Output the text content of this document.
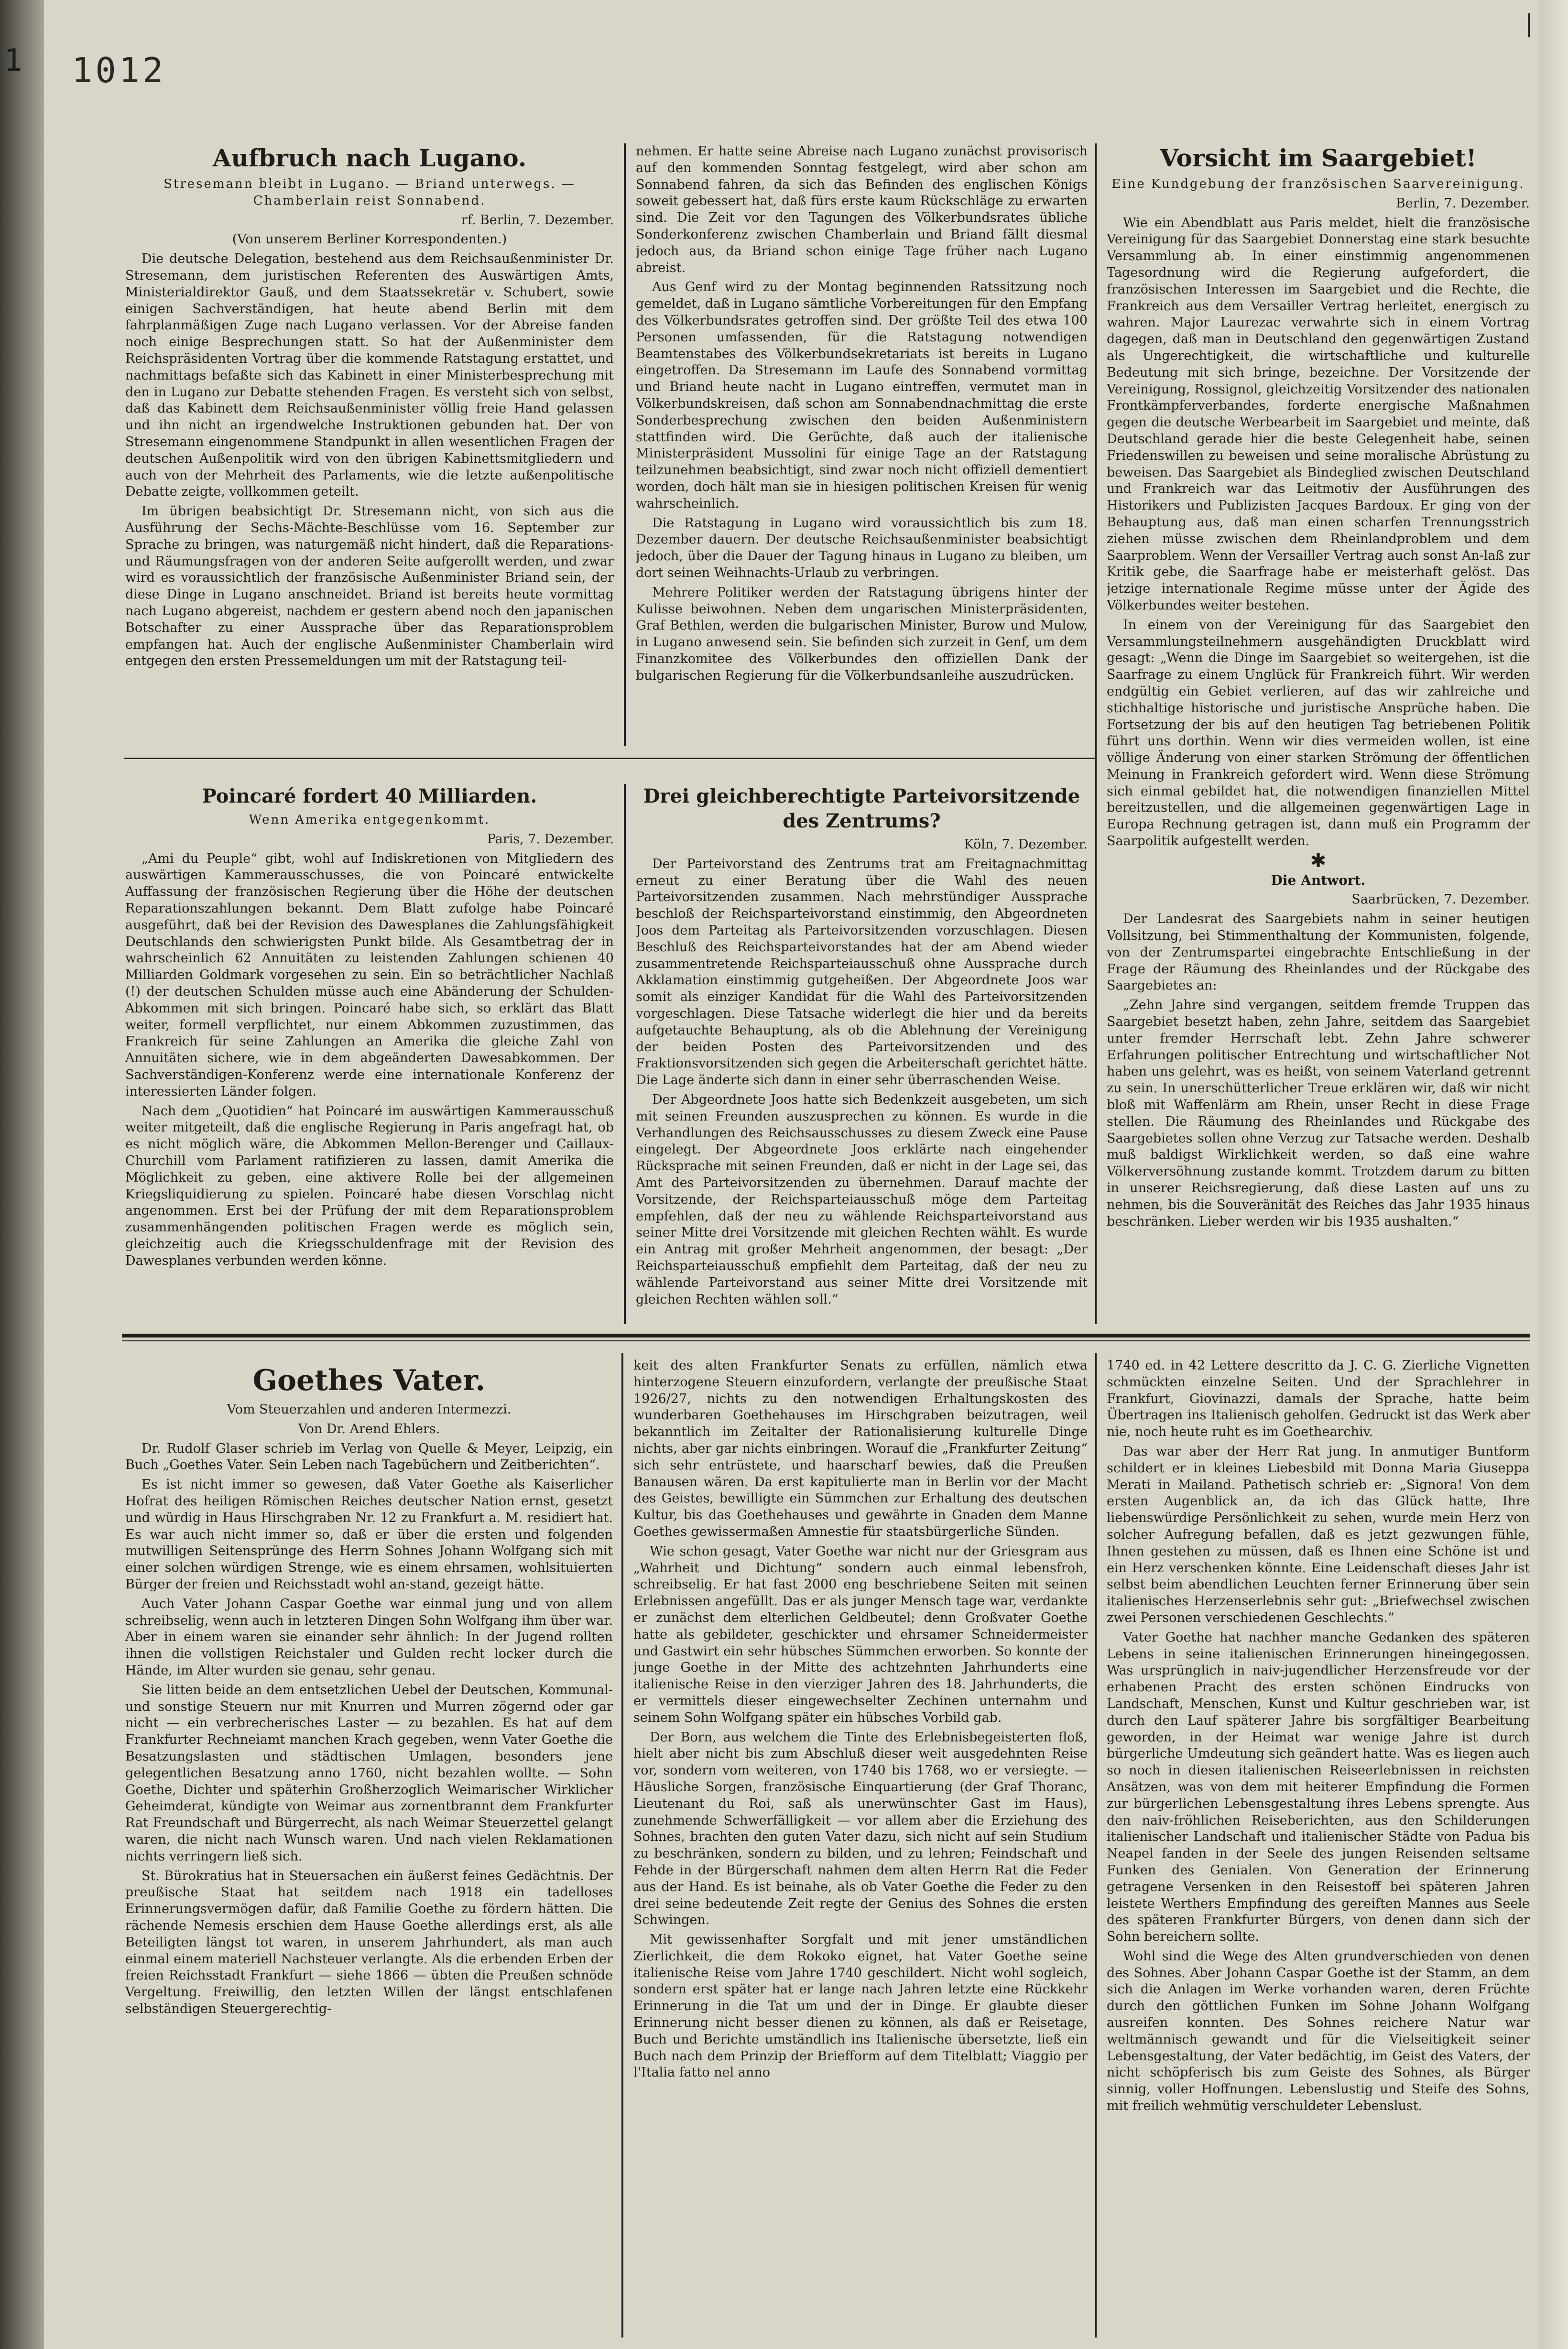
1 1012
|

Aufbruch nach Lugano.

Stresemann bleibt in Lugano. — Briand unterwegs. — Chamberlain reist Sonnabend.

rf. Berlin, 7. Dezember.

(Von unserem Berliner Korrespondenten.)

Die deutsche Delegation, bestehend aus dem Reichsaußenminister Dr. Stresemann, dem juristischen Referenten des Auswärtigen Amts, Ministerialdirektor Gauß, und dem Staatssekretär v. Schubert, sowie einigen Sachverständigen, hat heute abend Berlin mit dem fahrplanmäßigen Zuge nach Lugano verlassen. Vor der Abreise fanden noch einige Besprechungen statt. So hat der Außenminister dem Reichspräsidenten Vortrag über die kommende Ratstagung erstattet, und nachmittags befaßte sich das Kabinett in einer Ministerbesprechung mit den in Lugano zur Debatte stehenden Fragen. Es versteht sich von selbst, daß das Kabinett dem Reichsaußenminister völlig freie Hand gelassen und ihn nicht an irgendwelche Instruktionen gebunden hat. Der von Stresemann eingenommene Standpunkt in allen wesentlichen Fragen der deutschen Außenpolitik wird von den übrigen Kabinettsmitgliedern und auch von der Mehrheit des Parlaments, wie die letzte außenpolitische Debatte zeigte, vollkommen geteilt.

Im übrigen beabsichtigt Dr. Stresemann nicht, von sich aus die Ausführung der Sechs-Mächte-Beschlüsse vom 16. September zur Sprache zu bringen, was naturgemäß nicht hindert, daß die Reparations- und Räumungsfragen von der anderen Seite aufgerollt werden, und zwar wird es voraussichtlich der französische Außenminister Briand sein, der diese Dinge in Lugano anschneidet. Briand ist bereits heute vormittag nach Lugano abgereist, nachdem er gestern abend noch den japanischen Botschafter zu einer Aussprache über das Reparationsproblem empfangen hat. Auch der englische Außenminister Chamberlain wird entgegen den ersten Pressemeldungen um mit der Ratstagung teil-

nehmen. Er hatte seine Abreise nach Lugano zunächst provisorisch auf den kommenden Sonntag festgelegt, wird aber schon am Sonnabend fahren, da sich das Befinden des englischen Königs soweit gebessert hat, daß fürs erste kaum Rückschläge zu erwarten sind. Die Zeit vor den Tagungen des Völkerbundsrates übliche Sonderkonferenz zwischen Chamberlain und Briand fällt diesmal jedoch aus, da Briand schon einige Tage früher nach Lugano abreist.

Aus Genf wird zu der Montag beginnenden Ratssitzung noch gemeldet, daß in Lugano sämtliche Vorbereitungen für den Empfang des Völkerbundsrates getroffen sind. Der größte Teil des etwa 100 Personen umfassenden, für die Ratstagung notwendigen Beamtenstabes des Völkerbundsekretariats ist bereits in Lugano eingetroffen. Da Stresemann im Laufe des Sonnabend vormittag und Briand heute nacht in Lugano eintreffen, vermutet man in Völkerbundskreisen, daß schon am Sonnabendnachmittag die erste Sonderbesprechung zwischen den beiden Außenministern stattfinden wird. Die Gerüchte, daß auch der italienische Ministerpräsident Mussolini für einige Tage an der Ratstagung teilzunehmen beabsichtigt, sind zwar noch nicht offiziell dementiert worden, doch hält man sie in hiesigen politischen Kreisen für wenig wahrscheinlich.

Die Ratstagung in Lugano wird voraussichtlich bis zum 18. Dezember dauern. Der deutsche Reichsaußenminister beabsichtigt jedoch, über die Dauer der Tagung hinaus in Lugano zu bleiben, um dort seinen Weihnachts-Urlaub zu verbringen.

Mehrere Politiker werden der Ratstagung übrigens hinter der Kulisse beiwohnen. Neben dem ungarischen Ministerpräsidenten, Graf Bethlen, werden die bulgarischen Minister, Burow und Mulow, in Lugano anwesend sein. Sie befinden sich zurzeit in Genf, um dem Finanzkomitee des Völkerbundes den offiziellen Dank der bulgarischen Regierung für die Völkerbundsanleihe auszudrücken.

Poincaré fordert 40 Milliarden.

Wenn Amerika entgegenkommt.

Paris, 7. Dezember.

„Ami du Peuple“ gibt, wohl auf Indiskretionen von Mitgliedern des auswärtigen Kammerausschusses, die von Poincaré entwickelte Auffassung der französischen Regierung über die Höhe der deutschen Reparationszahlungen bekannt. Dem Blatt zufolge habe Poincaré ausgeführt, daß bei der Revision des Dawesplanes die Zahlungsfähigkeit Deutschlands den schwierigsten Punkt bilde. Als Gesamtbetrag der in wahrscheinlich 62 Annuitäten zu leistenden Zahlungen schienen 40 Milliarden Goldmark vorgesehen zu sein. Ein so beträchtlicher Nachlaß (!) der deutschen Schulden müsse auch eine Abänderung der Schulden-Abkommen mit sich bringen. Poincaré habe sich, so erklärt das Blatt weiter, formell verpflichtet, nur einem Abkommen zuzustimmen, das Frankreich für seine Zahlungen an Amerika die gleiche Zahl von Annuitäten sichere, wie in dem abgeänderten Dawesabkommen. Der Sachverständigen-Konferenz werde eine internationale Konferenz der interessierten Länder folgen.

Nach dem „Quotidien“ hat Poincaré im auswärtigen Kammerausschuß weiter mitgeteilt, daß die englische Regierung in Paris angefragt hat, ob es nicht möglich wäre, die Abkommen Mellon-Berenger und Caillaux-Churchill vom Parlament ratifizieren zu lassen, damit Amerika die Möglichkeit zu geben, eine aktivere Rolle bei der allgemeinen Kriegsliquidierung zu spielen. Poincaré habe diesen Vorschlag nicht angenommen. Erst bei der Prüfung der mit dem Reparationsproblem zusammenhängenden politischen Fragen werde es möglich sein, gleichzeitig auch die Kriegsschuldenfrage mit der Revision des Dawesplanes verbunden werden könne.

Drei gleichberechtigte Parteivorsitzende des Zentrums?

Köln, 7. Dezember.

Der Parteivorstand des Zentrums trat am Freitagnachmittag erneut zu einer Beratung über die Wahl des neuen Parteivorsitzenden zusammen. Nach mehrstündiger Aussprache beschloß der Reichsparteivorstand einstimmig, den Abgeordneten Joos dem Parteitag als Parteivorsitzenden vorzuschlagen. Diesen Beschluß des Reichsparteivorstandes hat der am Abend wieder zusammentretende Reichsparteiausschuß ohne Aussprache durch Akklamation einstimmig gutgeheißen. Der Abgeordnete Joos war somit als einziger Kandidat für die Wahl des Parteivorsitzenden vorgeschlagen. Diese Tatsache widerlegt die hier und da bereits aufgetauchte Behauptung, als ob die Ablehnung der Vereinigung der beiden Posten des Parteivorsitzenden und des Fraktionsvorsitzenden sich gegen die Arbeiterschaft gerichtet hätte. Die Lage änderte sich dann in einer sehr überraschenden Weise.

Der Abgeordnete Joos hatte sich Bedenkzeit ausgebeten, um sich mit seinen Freunden auszusprechen zu können. Es wurde in die Verhandlungen des Reichsausschusses zu diesem Zweck eine Pause eingelegt. Der Abgeordnete Joos erklärte nach eingehender Rücksprache mit seinen Freunden, daß er nicht in der Lage sei, das Amt des Parteivorsitzenden zu übernehmen. Darauf machte der Vorsitzende, der Reichsparteiausschuß möge dem Parteitag empfehlen, daß der neu zu wählende Reichsparteivorstand aus seiner Mitte drei Vorsitzende mit gleichen Rechten wählt. Es wurde ein Antrag mit großer Mehrheit angenommen, der besagt: „Der Reichsparteiausschuß empfiehlt dem Parteitag, daß der neu zu wählende Parteivorstand aus seiner Mitte drei Vorsitzende mit gleichen Rechten wählen soll.“

Vorsicht im Saargebiet!

Eine Kundgebung der französischen Saarvereinigung.

Berlin, 7. Dezember.

Wie ein Abendblatt aus Paris meldet, hielt die französische Vereinigung für das Saargebiet Donnerstag eine stark besuchte Versammlung ab. In einer einstimmig angenommenen Tagesordnung wird die Regierung aufgefordert, die französischen Interessen im Saargebiet und die Rechte, die Frankreich aus dem Versailler Vertrag herleitet, energisch zu wahren. Major Laurezac verwahrte sich in einem Vortrag dagegen, daß man in Deutschland den gegenwärtigen Zustand als Ungerechtigkeit, die wirtschaftliche und kulturelle Bedeutung mit sich bringe, bezeichne. Der Vorsitzende der Vereinigung, Rossignol, gleichzeitig Vorsitzender des nationalen Frontkämpferverbandes, forderte energische Maßnahmen gegen die deutsche Werbearbeit im Saargebiet und meinte, daß Deutschland gerade hier die beste Gelegenheit habe, seinen Friedenswillen zu beweisen und seine moralische Abrüstung zu beweisen. Das Saargebiet als Bindeglied zwischen Deutschland und Frankreich war das Leitmotiv der Ausführungen des Historikers und Publizisten Jacques Bardoux. Er ging von der Behauptung aus, daß man einen scharfen Trennungsstrich ziehen müsse zwischen dem Rheinlandproblem und dem Saarproblem. Wenn der Versailler Vertrag auch sonst An-laß zur Kritik gebe, die Saarfrage habe er meisterhaft gelöst. Das jetzige internationale Regime müsse unter der Ägide des Völkerbundes weiter bestehen.

In einem von der Vereinigung für das Saargebiet den Versammlungsteilnehmern ausgehändigten Druckblatt wird gesagt: „Wenn die Dinge im Saargebiet so weitergehen, ist die Saarfrage zu einem Unglück für Frankreich führt. Wir werden endgültig ein Gebiet verlieren, auf das wir zahlreiche und stichhaltige historische und juristische Ansprüche haben. Die Fortsetzung der bis auf den heutigen Tag betriebenen Politik führt uns dorthin. Wenn wir dies vermeiden wollen, ist eine völlige Änderung von einer starken Strömung der öffentlichen Meinung in Frankreich gefordert wird. Wenn diese Strömung sich einmal gebildet hat, die notwendigen finanziellen Mittel bereitzustellen, und die allgemeinen gegenwärtigen Lage in Europa Rechnung getragen ist, dann muß ein Programm der Saarpolitik aufgestellt werden.

✱

Die Antwort.

Saarbrücken, 7. Dezember.

Der Landesrat des Saargebiets nahm in seiner heutigen Vollsitzung, bei Stimmenthaltung der Kommunisten, folgende, von der Zentrumspartei eingebrachte Entschließung in der Frage der Räumung des Rheinlandes und der Rückgabe des Saargebietes an:

„Zehn Jahre sind vergangen, seitdem fremde Truppen das Saargebiet besetzt haben, zehn Jahre, seitdem das Saargebiet unter fremder Herrschaft lebt. Zehn Jahre schwerer Erfahrungen politischer Entrechtung und wirtschaftlicher Not haben uns gelehrt, was es heißt, von seinem Vaterland getrennt zu sein. In unerschütterlicher Treue erklären wir, daß wir nicht bloß mit Waffenlärm am Rhein, unser Recht in diese Frage stellen. Die Räumung des Rheinlandes und Rückgabe des Saargebietes sollen ohne Verzug zur Tatsache werden. Deshalb muß baldigst Wirklichkeit werden, so daß eine wahre Völkerversöhnung zustande kommt. Trotzdem darum zu bitten in unserer Reichsregierung, daß diese Lasten auf uns zu nehmen, bis die Souveränität des Reiches das Jahr 1935 hinaus beschränken. Lieber werden wir bis 1935 aushalten.“

Goethes Vater.

Vom Steuerzahlen und anderen Intermezzi.

Von Dr. Arend Ehlers.

Dr. Rudolf Glaser schrieb im Verlag von Quelle & Meyer, Leipzig, ein Buch „Goethes Vater. Sein Leben nach Tagebüchern und Zeitberichten“.

Es ist nicht immer so gewesen, daß Vater Goethe als Kaiserlicher Hofrat des heiligen Römischen Reiches deutscher Nation ernst, gesetzt und würdig in Haus Hirschgraben Nr. 12 zu Frankfurt a. M. residiert hat. Es war auch nicht immer so, daß er über die ersten und folgenden mutwilligen Seitensprünge des Herrn Sohnes Johann Wolfgang sich mit einer solchen würdigen Strenge, wie es einem ehrsamen, wohlsituierten Bürger der freien und Reichsstadt wohl an-stand, gezeigt hätte.

Auch Vater Johann Caspar Goethe war einmal jung und von allem schreibselig, wenn auch in letzteren Dingen Sohn Wolfgang ihm über war. Aber in einem waren sie einander sehr ähnlich: In der Jugend rollten ihnen die vollstigen Reichstaler und Gulden recht locker durch die Hände, im Alter wurden sie genau, sehr genau.

Sie litten beide an dem entsetzlichen Uebel der Deutschen, Kommunal- und sonstige Steuern nur mit Knurren und Murren zögernd oder gar nicht — ein verbrecherisches Laster — zu bezahlen. Es hat auf dem Frankfurter Rechneiamt manchen Krach gegeben, wenn Vater Goethe die Besatzungslasten und städtischen Umlagen, besonders jene gelegentlichen Besatzung anno 1760, nicht bezahlen wollte. — Sohn Goethe, Dichter und späterhin Großherzoglich Weimarischer Wirklicher Geheimderat, kündigte von Weimar aus zornentbrannt dem Frankfurter Rat Freundschaft und Bürgerrecht, als nach Weimar Steuerzettel gelangt waren, die nicht nach Wunsch waren. Und nach vielen Reklamationen nichts verringern ließ sich.

St. Bürokratius hat in Steuersachen ein äußerst feines Gedächtnis. Der preußische Staat hat seitdem nach 1918 ein tadelloses Erinnerungsvermögen dafür, daß Familie Goethe zu fördern hätten. Die rächende Nemesis erschien dem Hause Goethe allerdings erst, als alle Beteiligten längst tot waren, in unserem Jahrhundert, als man auch einmal einem materiell Nachsteuer verlangte. Als die erbenden Erben der freien Reichsstadt Frankfurt — siehe 1866 — übten die Preußen schnöde Vergeltung. Freiwillig, den letzten Willen der längst entschlafenen selbständigen Steuergerechtig-

keit des alten Frankfurter Senats zu erfüllen, nämlich etwa hinterzogene Steuern einzufordern, verlangte der preußische Staat 1926/27, nichts zu den notwendigen Erhaltungskosten des wunderbaren Goethehauses im Hirschgraben beizutragen, weil bekanntlich im Zeitalter der Rationalisierung kulturelle Dinge nichts, aber gar nichts einbringen. Worauf die „Frankfurter Zeitung“ sich sehr entrüstete, und haarscharf bewies, daß die Preußen Banausen wären. Da erst kapitulierte man in Berlin vor der Macht des Geistes, bewilligte ein Sümmchen zur Erhaltung des deutschen Kultur, bis das Goethehauses und gewährte in Gnaden dem Manne Goethes gewissermaßen Amnestie für staatsbürgerliche Sünden.

Wie schon gesagt, Vater Goethe war nicht nur der Griesgram aus „Wahrheit und Dichtung“ sondern auch einmal lebensfroh, schreibselig. Er hat fast 2000 eng beschriebene Seiten mit seinen Erlebnissen angefüllt. Das er als junger Mensch tage war, verdankte er zunächst dem elterlichen Geldbeutel; denn Großvater Goethe hatte als gebildeter, geschickter und ehrsamer Schneidermeister und Gastwirt ein sehr hübsches Sümmchen erworben. So konnte der junge Goethe in der Mitte des achtzehnten Jahrhunderts eine italienische Reise in den vierziger Jahren des 18. Jahrhunderts, die er vermittels dieser eingewechselter Zechinen unternahm und seinem Sohn Wolfgang später ein hübsches Vorbild gab.

Der Born, aus welchem die Tinte des Erlebnisbegeisterten floß, hielt aber nicht bis zum Abschluß dieser weit ausgedehnten Reise vor, sondern vom weiteren, von 1740 bis 1768, wo er versiegte. — Häusliche Sorgen, französische Einquartierung (der Graf Thoranc, Lieutenant du Roi, saß als unerwünschter Gast im Haus), zunehmende Schwerfälligkeit — vor allem aber die Erziehung des Sohnes, brachten den guten Vater dazu, sich nicht auf sein Studium zu beschränken, sondern zu bilden, und zu lehren; Feindschaft und Fehde in der Bürgerschaft nahmen dem alten Herrn Rat die Feder aus der Hand. Es ist beinahe, als ob Vater Goethe die Feder zu den drei seine bedeutende Zeit regte der Genius des Sohnes die ersten Schwingen.

Mit gewissenhafter Sorgfalt und mit jener umständlichen Zierlichkeit, die dem Rokoko eignet, hat Vater Goethe seine italienische Reise vom Jahre 1740 geschildert. Nicht wohl sogleich, sondern erst später hat er lange nach Jahren letzte eine Rückkehr Erinnerung in die Tat um und der in Dinge. Er glaubte dieser Erinnerung nicht besser dienen zu können, als daß er Reisetage, Buch und Berichte umständlich ins Italienische übersetzte, ließ ein Buch nach dem Prinzip der Briefform auf dem Titelblatt; Viaggio per l'Italia fatto nel anno

1740 ed. in 42 Lettere descritto da J. C. G. Zierliche Vignetten schmückten einzelne Seiten. Und der Sprachlehrer in Frankfurt, Giovinazzi, damals der Sprache, hatte beim Übertragen ins Italienisch geholfen. Gedruckt ist das Werk aber nie, noch heute ruht es im Goethearchiv.

Das war aber der Herr Rat jung. In anmutiger Buntform schildert er in kleines Liebesbild mit Donna Maria Giuseppa Merati in Mailand. Pathetisch schrieb er: „Signora! Von dem ersten Augenblick an, da ich das Glück hatte, Ihre liebenswürdige Persönlichkeit zu sehen, wurde mein Herz von solcher Aufregung befallen, daß es jetzt gezwungen fühle, Ihnen gestehen zu müssen, daß es Ihnen eine Schöne ist und ein Herz verschenken könnte. Eine Leidenschaft dieses Jahr ist selbst beim abendlichen Leuchten ferner Erinnerung über sein italienisches Herzenserlebnis sehr gut: „Briefwechsel zwischen zwei Personen verschiedenen Geschlechts.“

Vater Goethe hat nachher manche Gedanken des späteren Lebens in seine italienischen Erinnerungen hineingegossen. Was ursprünglich in naiv-jugendlicher Herzensfreude vor der erhabenen Pracht des ersten schönen Eindrucks von Landschaft, Menschen, Kunst und Kultur geschrieben war, ist durch den Lauf späterer Jahre bis sorgfältiger Bearbeitung geworden, in der Heimat war wenige Jahre ist durch bürgerliche Umdeutung sich geändert hatte. Was es liegen auch so noch in diesen italienischen Reiseerlebnissen in reichsten Ansätzen, was von dem mit heiterer Empfindung die Formen zur bürgerlichen Lebensgestaltung ihres Lebens sprengte. Aus den naiv-fröhlichen Reiseberichten, aus den Schilderungen italienischer Landschaft und italienischer Städte von Padua bis Neapel fanden in der Seele des jungen Reisenden seltsame Funken des Genialen. Von Generation der Erinnerung getragene Versenken in den Reisestoff bei späteren Jahren leistete Werthers Empfindung des gereiften Mannes aus Seele des späteren Frankfurter Bürgers, von denen dann sich der Sohn bereichern sollte.

Wohl sind die Wege des Alten grundverschieden von denen des Sohnes. Aber Johann Caspar Goethe ist der Stamm, an dem sich die Anlagen im Werke vorhanden waren, deren Früchte durch den göttlichen Funken im Sohne Johann Wolfgang ausreifen konnten. Des Sohnes reichere Natur war weltmännisch gewandt und für die Vielseitigkeit seiner Lebensgestaltung, der Vater bedächtig, im Geist des Vaters, der nicht schöpferisch bis zum Geiste des Sohnes, als Bürger sinnig, voller Hoffnungen. Lebenslustig und Steife des Sohns, mit freilich wehmütig verschuldeter Lebenslust.
